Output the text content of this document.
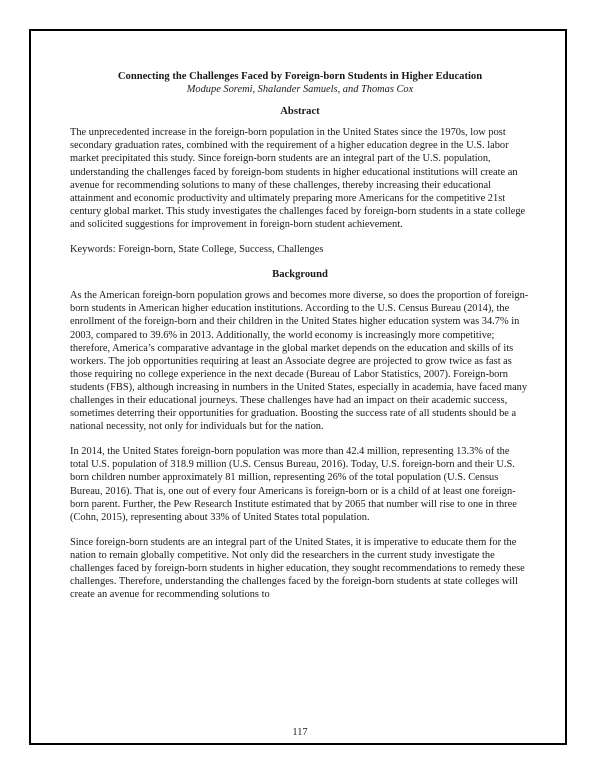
Connecting the Challenges Faced by Foreign-born Students in Higher Education

Modupe Soremi, Shalander Samuels, and Thomas Cox

Abstract

The unprecedented increase in the foreign-born population in the United States since the 1970s, low post secondary graduation rates, combined with the requirement of a higher education degree in the U.S. labor market precipitated this study. Since foreign-born students are an integral part of the U.S. population, understanding the challenges faced by foreign-bom students in higher educational institutions will create an avenue for recommending solutions to many of these challenges, thereby increasing their educational attainment and economic productivity and ultimately preparing more Americans for the competitive 21st century global market. This study investigates the challenges faced by foreign-born students in a state college and solicited suggestions for improvement in foreign-born student achievement.

Keywords: Foreign-born, State College, Success, Challenges

Background

As the American foreign-born population grows and becomes more diverse, so does the proportion of foreign-born students in American higher education institutions. According to the U.S. Census Bureau (2014), the enrollment of the foreign-born and their children in the United States higher education system was 34.7% in 2003, compared to 39.6% in 2013. Additionally, the world economy is increasingly more competitive; therefore, America’s comparative advantage in the global market depends on the education and skills of its workers. The job opportunities requiring at least an Associate degree are projected to grow twice as fast as those requiring no college experience in the next decade (Bureau of Labor Statistics, 2007). Foreign-born students (FBS), although increasing in numbers in the United States, especially in academia, have faced many challenges in their educational journeys. These challenges have had an impact on their academic success, sometimes deterring their opportunities for graduation. Boosting the success rate of all students should be a national necessity, not only for individuals but for the nation.

In 2014, the United States foreign-born population was more than 42.4 million, representing 13.3% of the total U.S. population of 318.9 million (U.S. Census Bureau, 2016). Today, U.S. foreign-born and their U.S. born children number approximately 81 million, representing 26% of the total population (U.S. Census Bureau, 2016). That is, one out of every four Americans is foreign-born or is a child of at least one foreign-born parent. Further, the Pew Research Institute estimated that by 2065 that number will rise to one in three (Cohn, 2015), representing about 33% of United States total population.

Since foreign-born students are an integral part of the United States, it is imperative to educate them for the nation to remain globally competitive. Not only did the researchers in the current study investigate the challenges faced by foreign-born students in higher education, they sought recommendations to remedy these challenges. Therefore, understanding the challenges faced by the foreign-born students at state colleges will create an avenue for recommending solutions to

117
